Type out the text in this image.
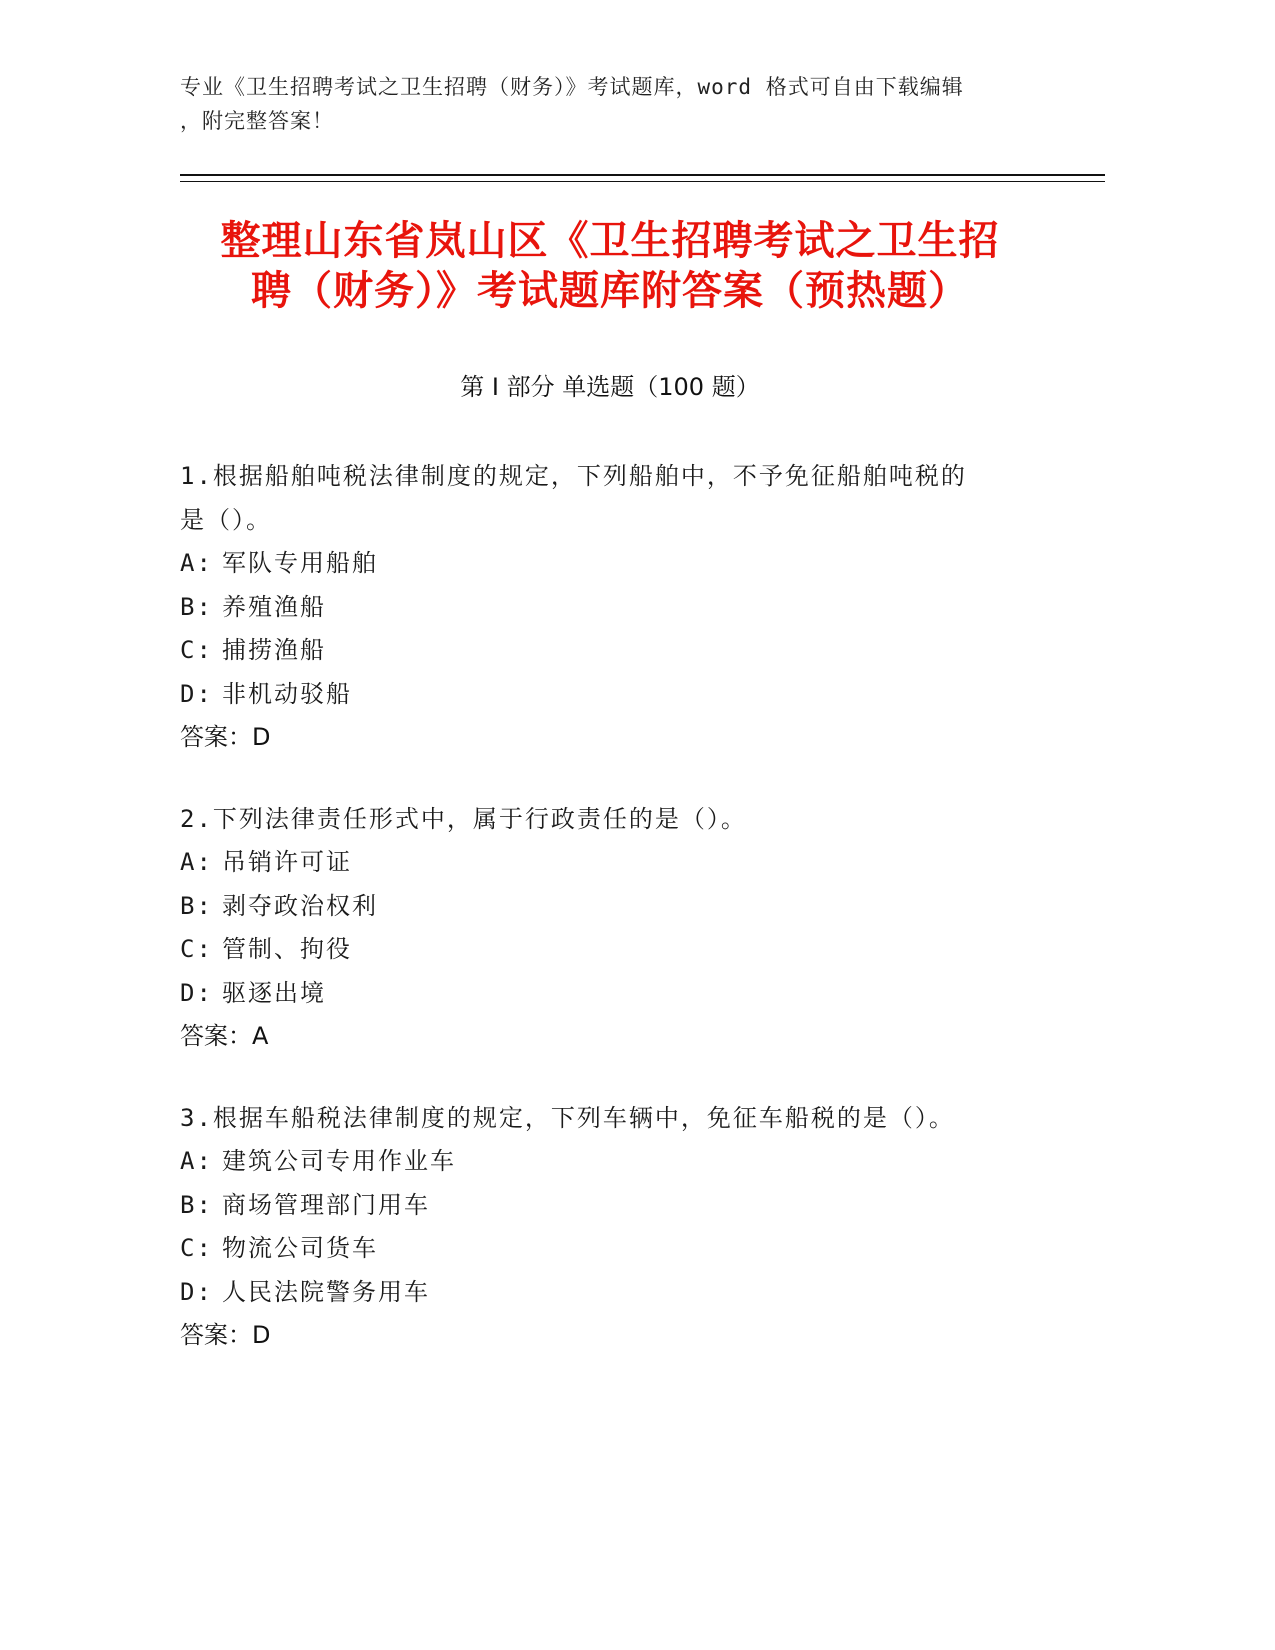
专业《卫生招聘考试之卫生招聘（财务）》考试题库，word 格式可自由下载编辑
，附完整答案！
整理山东省岚山区《卫生招聘考试之卫生招
聘（财务）》考试题库附答案（预热题）
第 I 部分 单选题（100 题）
1.根据船舶吨税法律制度的规定，下列船舶中，不予免征船舶吨税的
是（）。
A: 军队专用船舶
B: 养殖渔船
C: 捕捞渔船
D: 非机动驳船
答案：D
2.下列法律责任形式中，属于行政责任的是（）。
A: 吊销许可证
B: 剥夺政治权利
C: 管制、拘役
D: 驱逐出境
答案：A
3.根据车船税法律制度的规定，下列车辆中，免征车船税的是（）。
A: 建筑公司专用作业车
B: 商场管理部门用车
C: 物流公司货车
D: 人民法院警务用车
答案：D
